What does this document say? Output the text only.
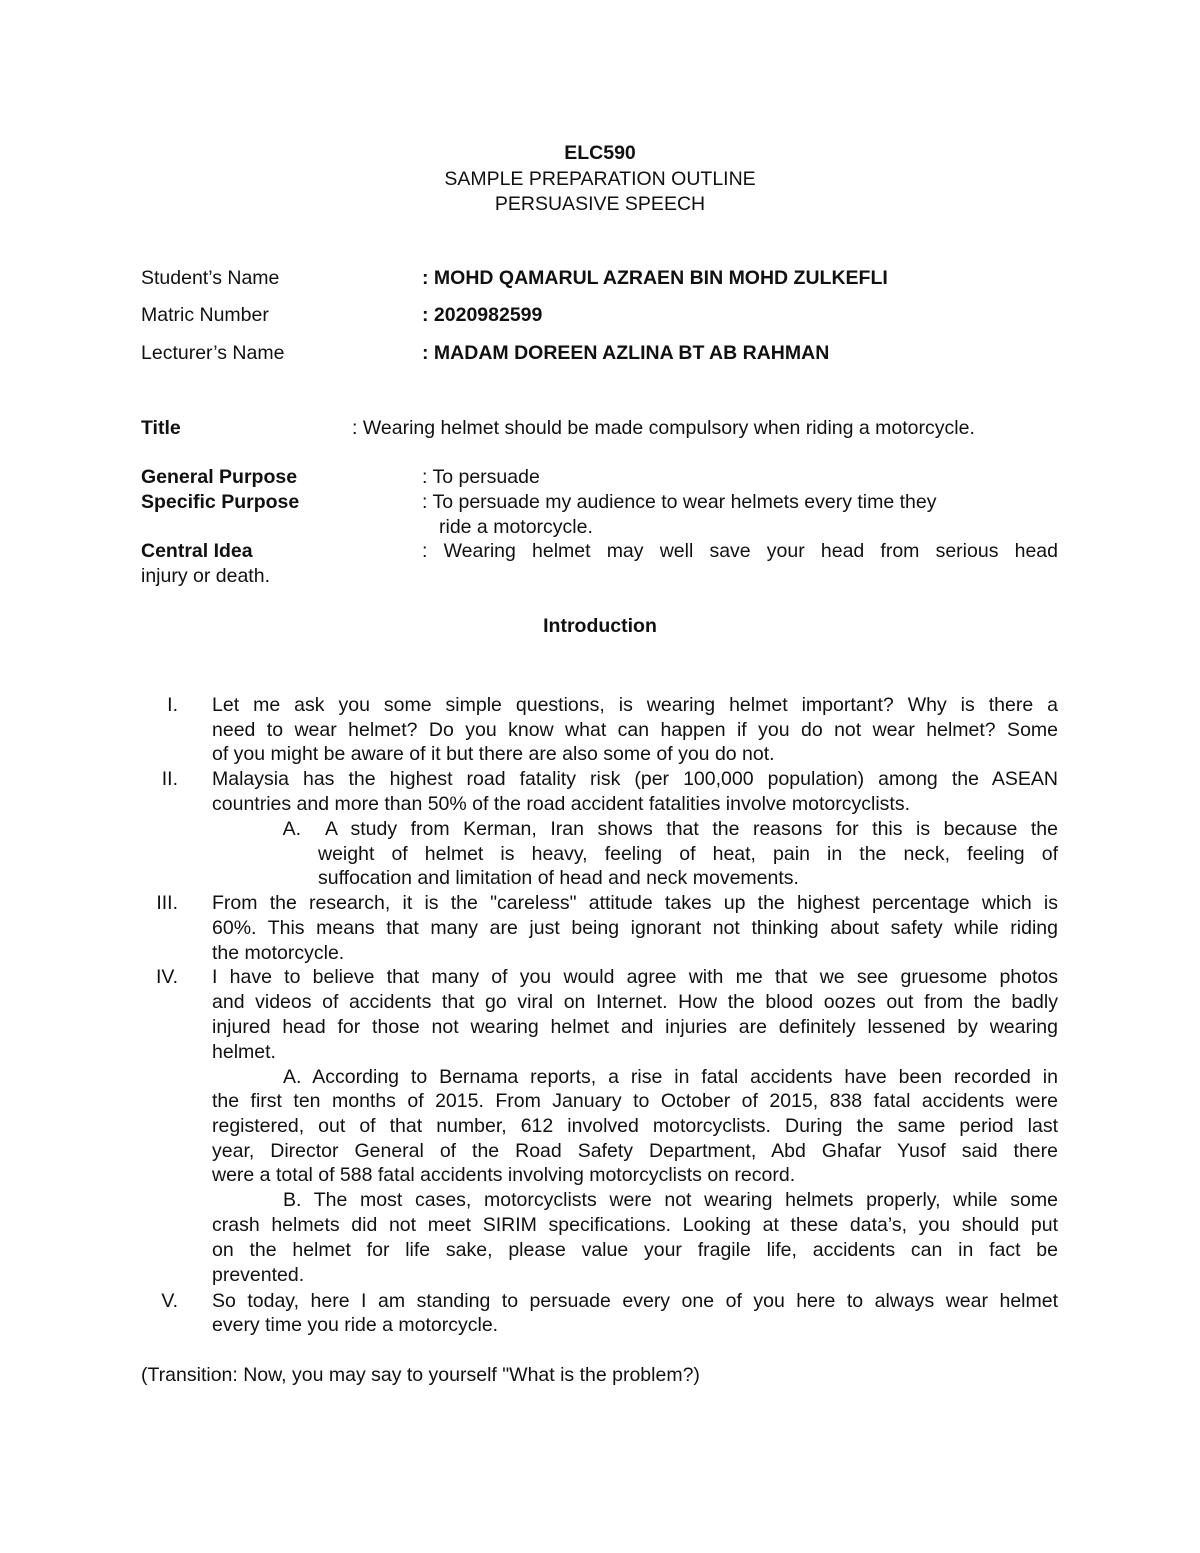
ELC590
SAMPLE PREPARATION OUTLINE
PERSUASIVE SPEECH
Student’s Name	: MOHD QAMARUL AZRAEN BIN MOHD ZULKEFLI
Matric Number	: 2020982599
Lecturer’s Name	: MADAM DOREEN AZLINA BT AB RAHMAN
Title	: Wearing helmet should be made compulsory when riding a motorcycle.
General Purpose	: To persuade
Specific Purpose	: To persuade my audience to wear helmets every time they
ride a motorcycle.
Central Idea	: Wearing helmet may well save your head from serious head
injury or death.
Introduction
I. Let me ask you some simple questions, is wearing helmet important? Why is there a
need to wear helmet? Do you know what can happen if you do not wear helmet? Some
of you might be aware of it but there are also some of you do not.
II. Malaysia has the highest road fatality risk (per 100,000 population) among the ASEAN
countries and more than 50% of the road accident fatalities involve motorcyclists.
A. A study from Kerman, Iran shows that the reasons for this is because the
weight of helmet is heavy, feeling of heat, pain in the neck, feeling of
suffocation and limitation of head and neck movements.
III. From the research, it is the "careless" attitude takes up the highest percentage which is
60%. This means that many are just being ignorant not thinking about safety while riding
the motorcycle.
IV. I have to believe that many of you would agree with me that we see gruesome photos
and videos of accidents that go viral on Internet. How the blood oozes out from the badly
injured head for those not wearing helmet and injuries are definitely lessened by wearing
helmet.
A. According to Bernama reports, a rise in fatal accidents have been recorded in
the first ten months of 2015. From January to October of 2015, 838 fatal accidents were
registered, out of that number, 612 involved motorcyclists. During the same period last
year, Director General of the Road Safety Department, Abd Ghafar Yusof said there
were a total of 588 fatal accidents involving motorcyclists on record.
B. The most cases, motorcyclists were not wearing helmets properly, while some
crash helmets did not meet SIRIM specifications. Looking at these data’s, you should put
on the helmet for life sake, please value your fragile life, accidents can in fact be
prevented.
V. So today, here I am standing to persuade every one of you here to always wear helmet
every time you ride a motorcycle.
(Transition: Now, you may say to yourself "What is the problem?)
